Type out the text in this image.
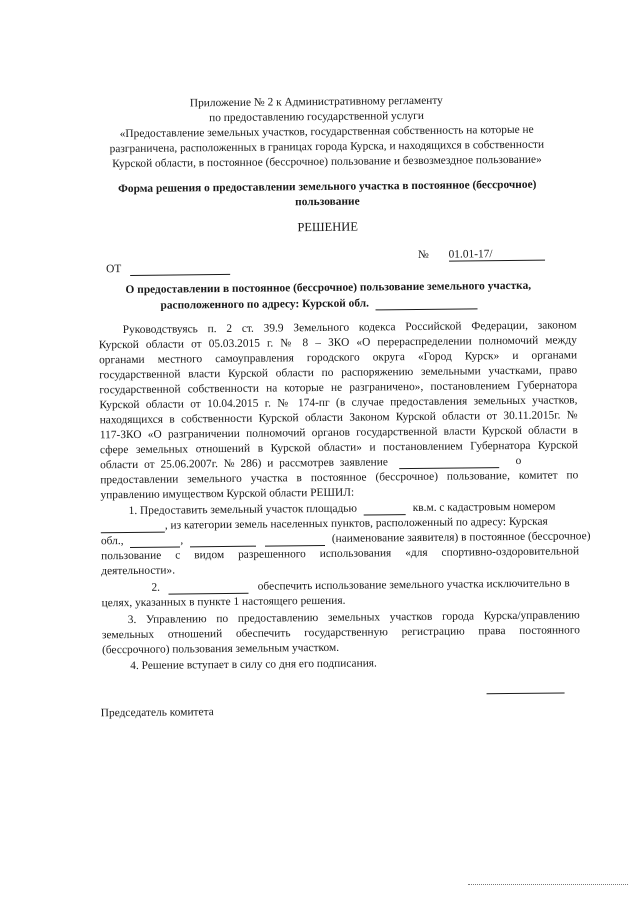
Приложение № 2 к Административному регламенту
по предоставлению государственной услуги
«Предоставление земельных участков, государственная собственность на которые не
разграничена, расположенных в границах города Курска, и находящихся в собственности
Курской области, в постоянное (бессрочное) пользование и безвозмездное пользование»
Форма решения о предоставлении земельного участка в постоянное (бессрочное)
пользование
РЕШЕНИЕ
№ 01.01-17/
ОТ
О предоставлении в постоянное (бессрочное) пользование земельного участка,
расположенного по адресу: Курской обл.
Руководствуясь п. 2 ст. 39.9 Земельного кодекса Российской Федерации, законом
Курской области от 05.03.2015 г. № 8 – ЗКО «О перераспределении полномочий между
органами местного самоуправления городского округа «Город Курск» и органами
государственной власти Курской области по распоряжению земельными участками, право
государственной собственности на которые не разграничено», постановлением Губернатора
Курской области от 10.04.2015 г. № 174-пг (в случае предоставления земельных участков,
находящихся в собственности Курской области Законом Курской области от 30.11.2015г. №
117-ЗКО «О разграничении полномочий органов государственной власти Курской области в
сфере земельных отношений в Курской области» и постановлением Губернатора Курской
области от 25.06.2007г. № 286) и рассмотрев заявление	о
предоставлении земельного участка в постоянное (бессрочное) пользование, комитет по
управлению имуществом Курской области РЕШИЛ:
1. Предоставить земельный участок площадью	кв.м. с кадастровым номером
, из категории земель населенных пунктов, расположенный по адресу: Курская
обл.,	,	(наименование заявителя) в постоянное (бессрочное)
пользование с видом разрешенного использования «для спортивно-оздоровительной
деятельности».
2.	обеспечить использование земельного участка исключительно в
целях, указанных в пункте 1 настоящего решения.
3. Управлению по предоставлению земельных участков города Курска/управлению
земельных отношений обеспечить государственную регистрацию права постоянного
(бессрочного) пользования земельным участком.
4. Решение вступает в силу со дня его подписания.
Председатель комитета
